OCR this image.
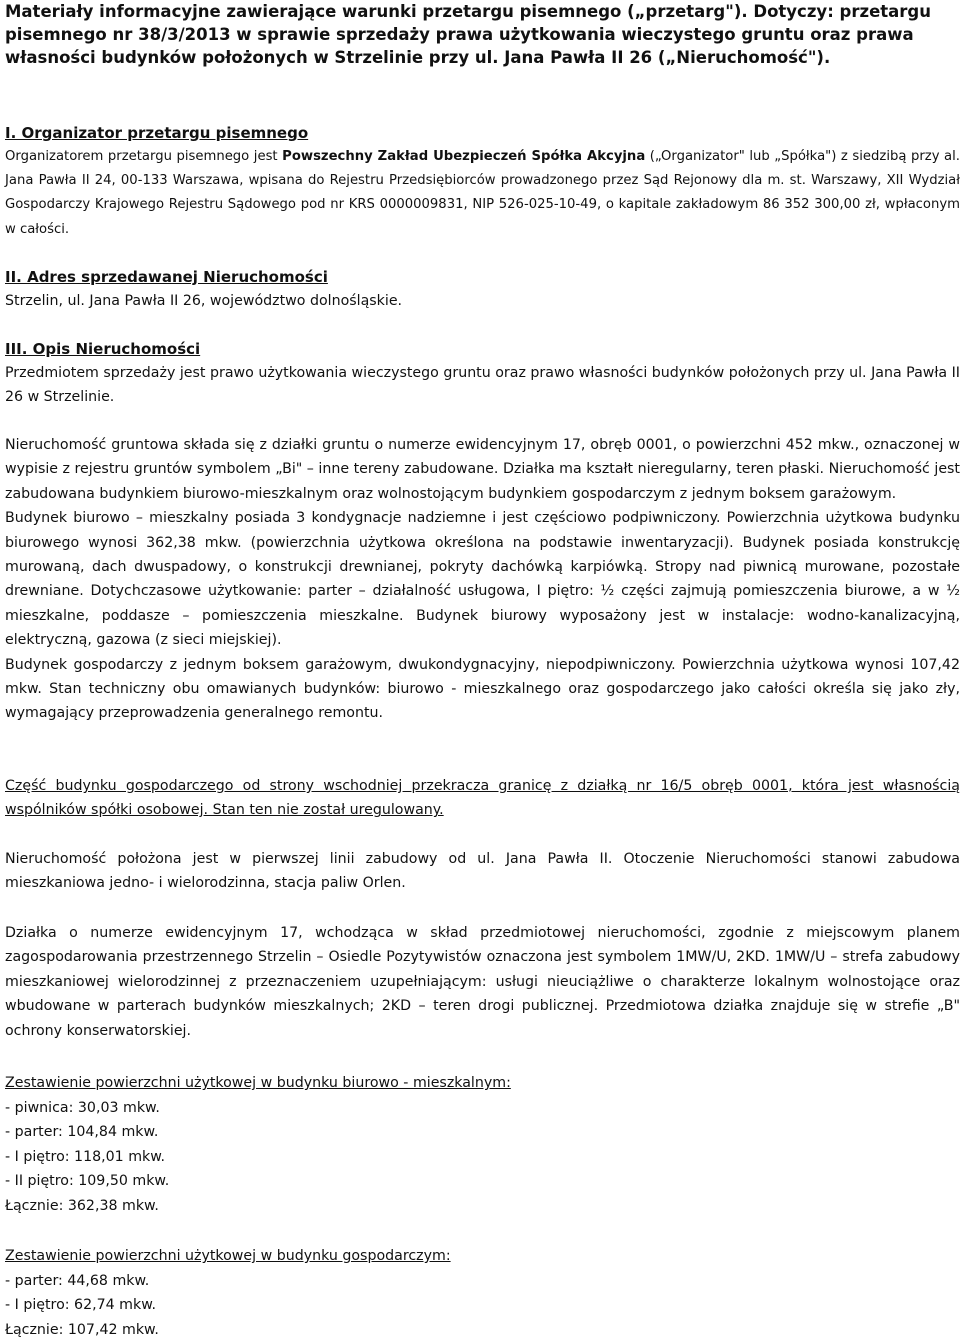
Materiały informacyjne zawierające warunki przetargu pisemnego („przetarg"). Dotyczy: przetargu pisemnego nr 38/3/2013 w sprawie sprzedaży prawa użytkowania wieczystego gruntu oraz prawa własności budynków położonych w Strzelinie przy ul. Jana Pawła II 26 („Nieruchomość").

I. Organizator przetargu pisemnego

Organizatorem przetargu pisemnego jest Powszechny Zakład Ubezpieczeń Spółka Akcyjna („Organizator" lub „Spółka") z siedzibą przy al. Jana Pawła II 24, 00-133 Warszawa, wpisana do Rejestru Przedsiębiorców prowadzonego przez Sąd Rejonowy dla m. st. Warszawy, XII Wydział Gospodarczy Krajowego Rejestru Sądowego pod nr KRS 0000009831, NIP 526-025-10-49, o kapitale zakładowym 86 352 300,00 zł, wpłaconym w całości.

II. Adres sprzedawanej Nieruchomości
Strzelin, ul. Jana Pawła II 26, województwo dolnośląskie.
III. Opis Nieruchomości

Przedmiotem sprzedaży jest prawo użytkowania wieczystego gruntu oraz prawo własności budynków położonych przy ul. Jana Pawła II 26 w Strzelinie.

Nieruchomość gruntowa składa się z działki gruntu o numerze ewidencyjnym 17, obręb 0001, o powierzchni 452 mkw., oznaczonej w wypisie z rejestru gruntów symbolem „Bi" – inne tereny zabudowane. Działka ma kształt nieregularny, teren płaski. Nieruchomość jest zabudowana budynkiem biurowo-mieszkalnym oraz wolnostojącym budynkiem gospodarczym z jednym boksem garażowym.

Budynek biurowo – mieszkalny posiada 3 kondygnacje nadziemne i jest częściowo podpiwniczony. Powierzchnia użytkowa budynku biurowego wynosi 362,38 mkw. (powierzchnia użytkowa określona na podstawie inwentaryzacji). Budynek posiada konstrukcję murowaną, dach dwuspadowy, o konstrukcji drewnianej, pokryty dachówką karpiówką. Stropy nad piwnicą murowane, pozostałe drewniane. Dotychczasowe użytkowanie: parter – działalność usługowa, I piętro: ½ części zajmują pomieszczenia biurowe, a w ½ mieszkalne, poddasze – pomieszczenia mieszkalne. Budynek biurowy wyposażony jest w instalacje: wodno-kanalizacyjną, elektryczną, gazowa (z sieci miejskiej).

Budynek gospodarczy z jednym boksem garażowym, dwukondygnacyjny, niepodpiwniczony. Powierzchnia użytkowa wynosi 107,42 mkw. Stan techniczny obu omawianych budynków: biurowo - mieszkalnego oraz gospodarczego jako całości określa się jako zły, wymagający przeprowadzenia generalnego remontu.

Część budynku gospodarczego od strony wschodniej przekracza granicę z działką nr 16/5 obręb 0001, która jest własnością wspólników spółki osobowej. Stan ten nie został uregulowany.

Nieruchomość położona jest w pierwszej linii zabudowy od ul. Jana Pawła II. Otoczenie Nieruchomości stanowi zabudowa mieszkaniowa jedno- i wielorodzinna, stacja paliw Orlen.

Działka o numerze ewidencyjnym 17, wchodząca w skład przedmiotowej nieruchomości, zgodnie z miejscowym planem zagospodarowania przestrzennego Strzelin – Osiedle Pozytywistów oznaczona jest symbolem 1MW/U, 2KD. 1MW/U – strefa zabudowy mieszkaniowej wielorodzinnej z przeznaczeniem uzupełniającym: usługi nieuciążliwe o charakterze lokalnym wolnostojące oraz wbudowane w parterach budynków mieszkalnych; 2KD – teren drogi publicznej. Przedmiotowa działka znajduje się w strefie „B" ochrony konserwatorskiej.

Zestawienie powierzchni użytkowej w budynku biurowo - mieszkalnym:
- piwnica: 30,03 mkw.
- parter: 104,84 mkw.
- I piętro: 118,01 mkw.
- II piętro: 109,50 mkw.
Łącznie: 362,38 mkw.
Zestawienie powierzchni użytkowej w budynku gospodarczym:
- parter: 44,68 mkw.
- I piętro: 62,74 mkw.
Łącznie: 107,42 mkw.
